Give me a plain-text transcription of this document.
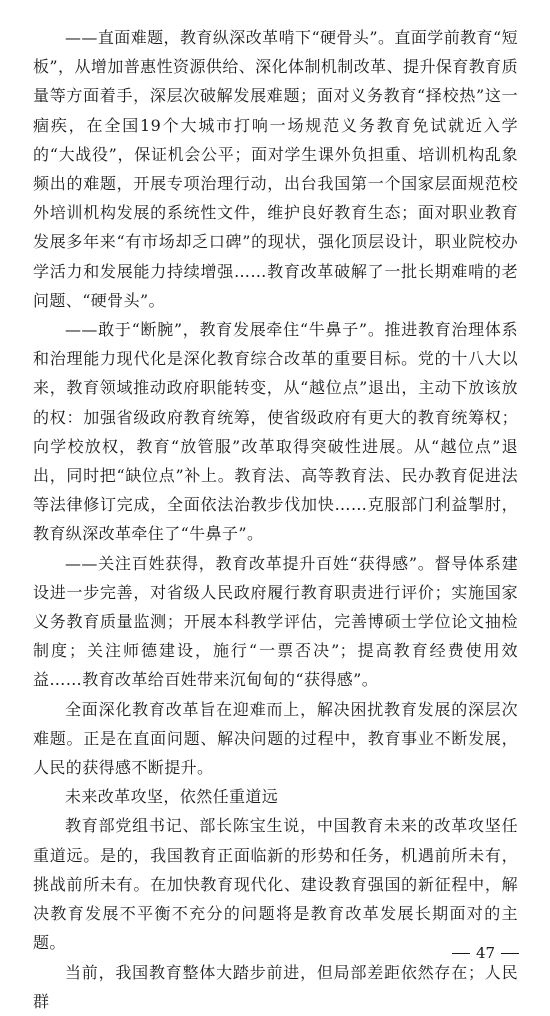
——直面难题，教育纵深改革啃下“硬骨头”。直面学前教育“短板”，从增加普惠性资源供给、深化体制机制改革、提升保育教育质量等方面着手，深层次破解发展难题；面对义务教育“择校热”这一痼疾，在全国19个大城市打响一场规范义务教育免试就近入学的“大战役”，保证机会公平；面对学生课外负担重、培训机构乱象频出的难题，开展专项治理行动，出台我国第一个国家层面规范校外培训机构发展的系统性文件，维护良好教育生态；面对职业教育发展多年来“有市场却乏口碑”的现状，强化顶层设计，职业院校办学活力和发展能力持续增强……教育改革破解了一批长期难啃的老问题、“硬骨头”。

——敢于“断腕”，教育发展牵住“牛鼻子”。推进教育治理体系和治理能力现代化是深化教育综合改革的重要目标。党的十八大以来，教育领域推动政府职能转变，从“越位点”退出，主动下放该放的权：加强省级政府教育统筹，使省级政府有更大的教育统筹权；向学校放权，教育“放管服”改革取得突破性进展。从“越位点”退出，同时把“缺位点”补上。教育法、高等教育法、民办教育促进法等法律修订完成，全面依法治教步伐加快……克服部门利益掣肘，教育纵深改革牵住了“牛鼻子”。

——关注百姓获得，教育改革提升百姓“获得感”。督导体系建设进一步完善，对省级人民政府履行教育职责进行评价；实施国家义务教育质量监测；开展本科教学评估，完善博硕士学位论文抽检制度；关注师德建设，施行“一票否决”；提高教育经费使用效益……教育改革给百姓带来沉甸甸的“获得感”。

全面深化教育改革旨在迎难而上，解决困扰教育发展的深层次难题。正是在直面问题、解决问题的过程中，教育事业不断发展，人民的获得感不断提升。

未来改革攻坚，依然任重道远

教育部党组书记、部长陈宝生说，中国教育未来的改革攻坚任重道远。是的，我国教育正面临新的形势和任务，机遇前所未有，挑战前所未有。在加快教育现代化、建设教育强国的新征程中，解决教育发展不平衡不充分的问题将是教育改革发展长期面对的主题。

当前，我国教育整体大踏步前进，但局部差距依然存在；人民群

47
